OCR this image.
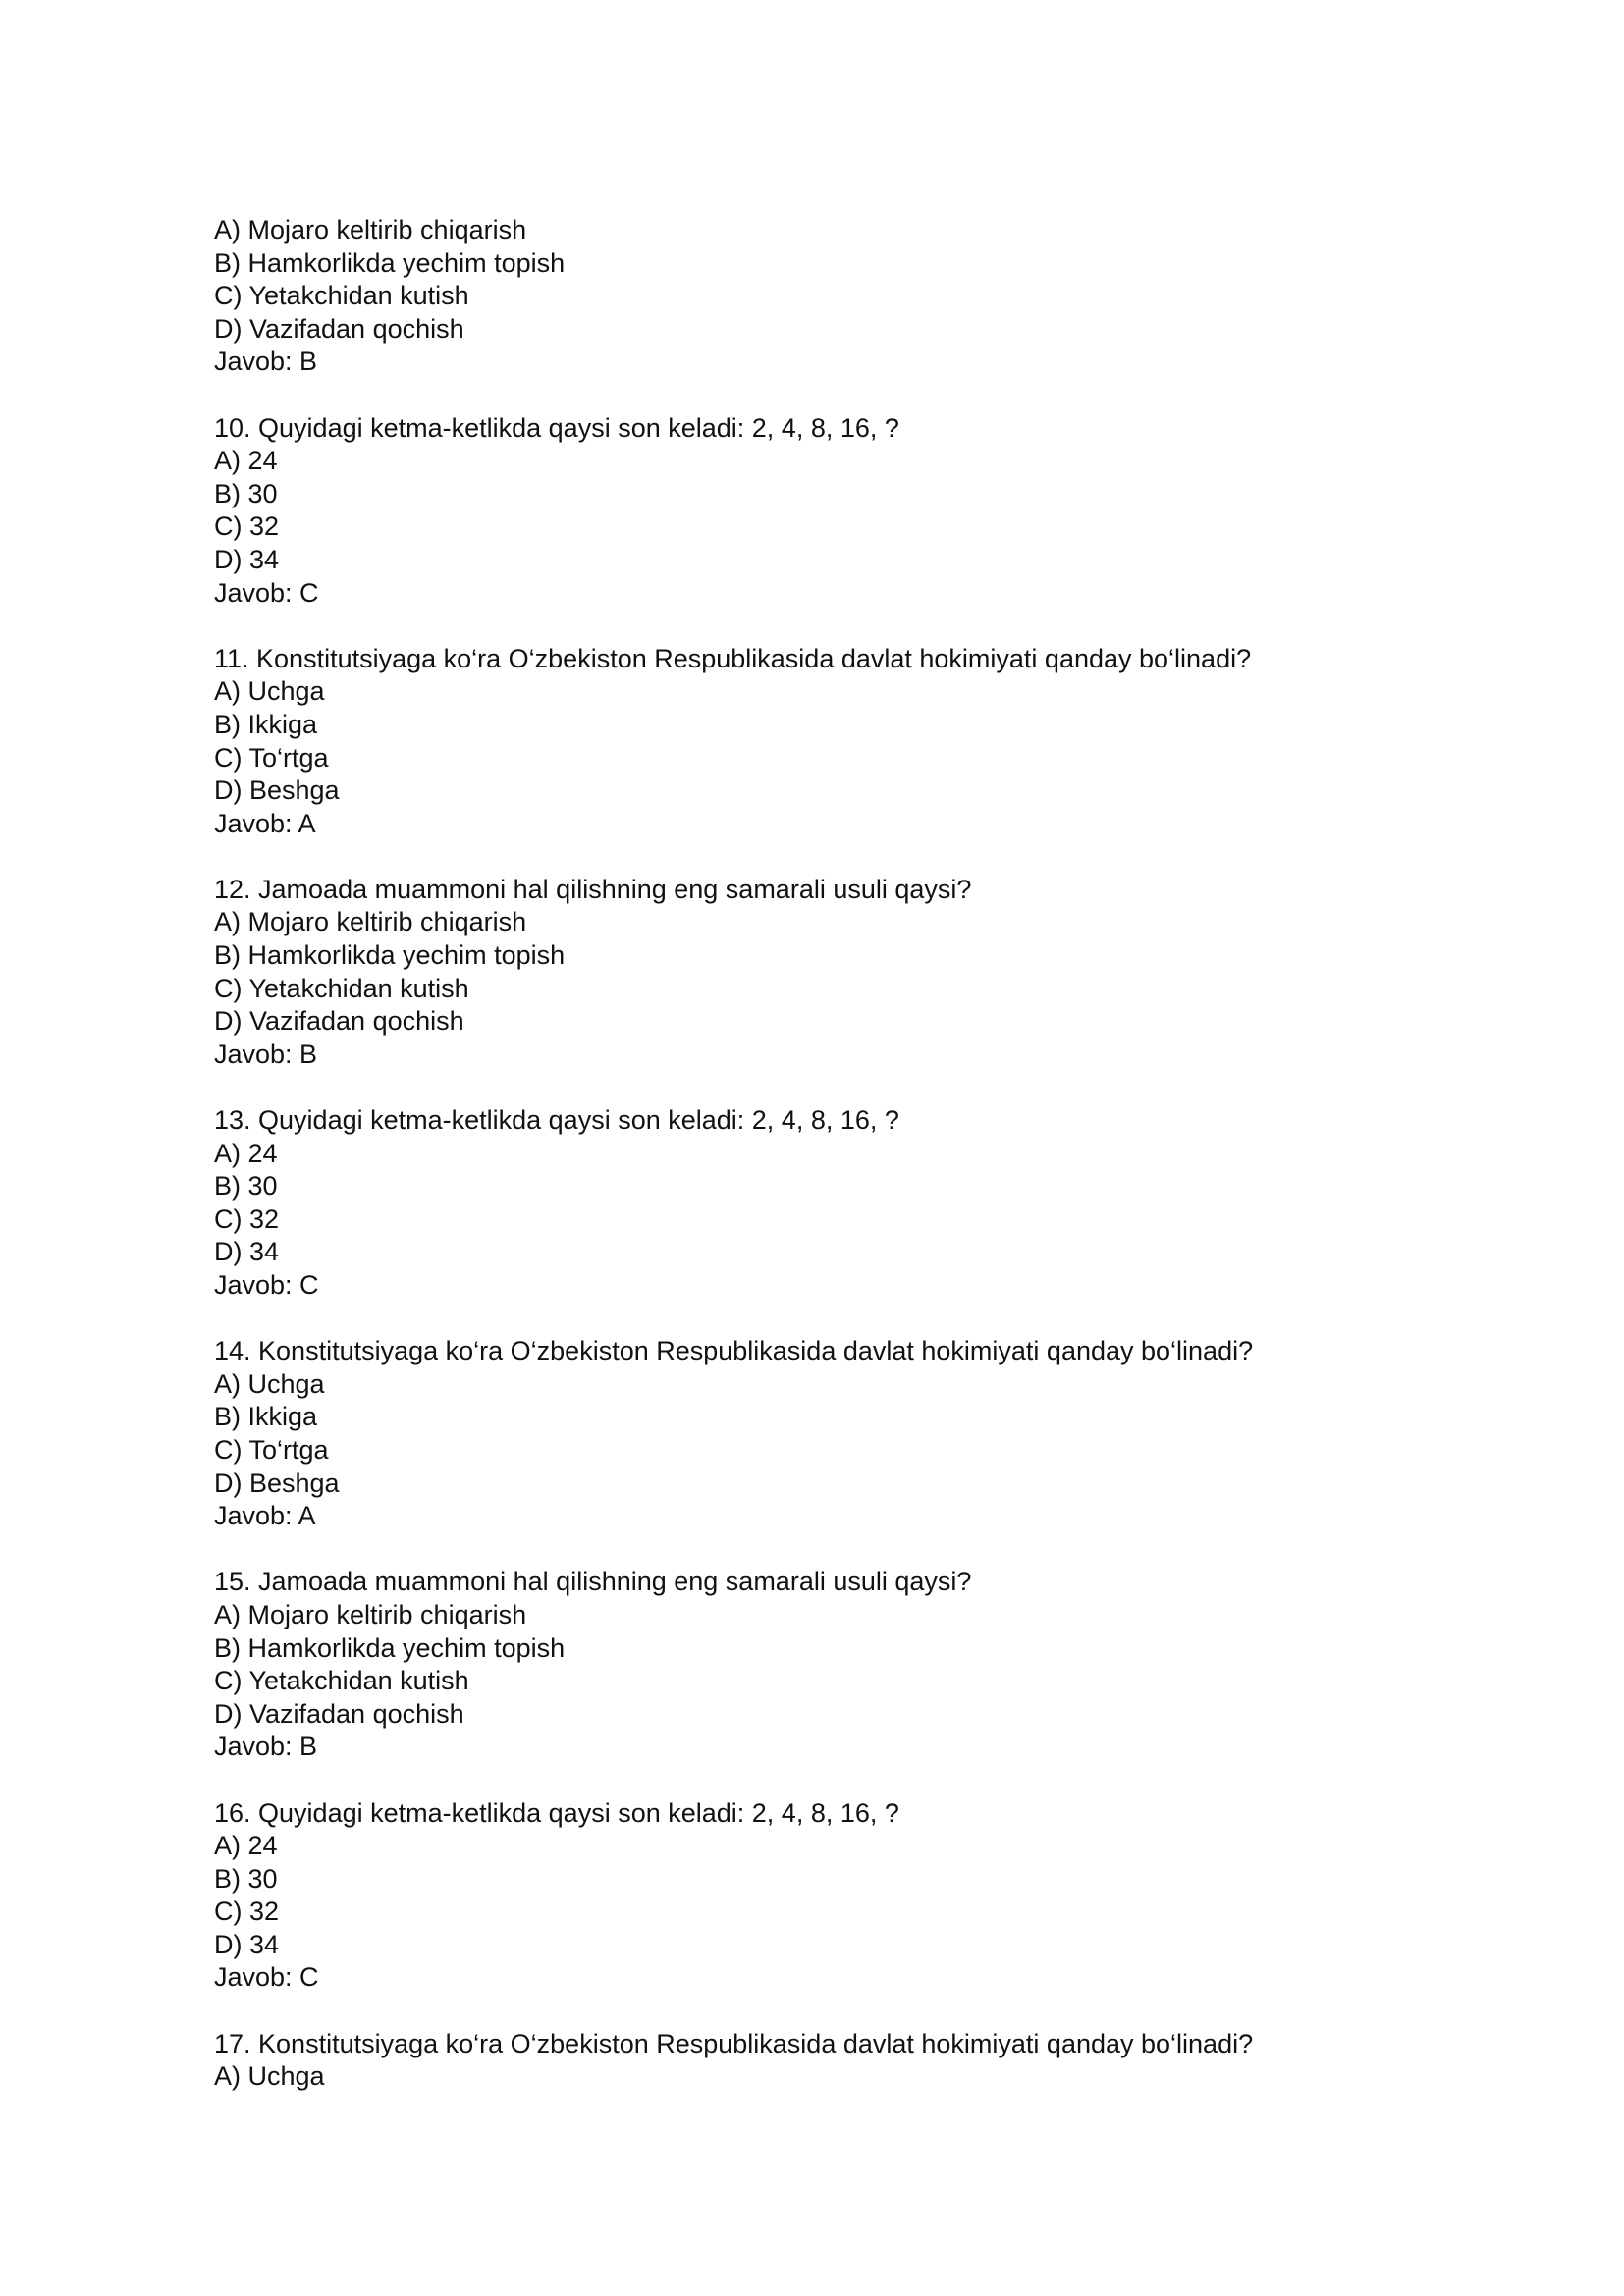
A) Mojaro keltirib chiqarish
B) Hamkorlikda yechim topish
C) Yetakchidan kutish
D) Vazifadan qochish
Javob: B
10. Quyidagi ketma-ketlikda qaysi son keladi: 2, 4, 8, 16, ?
A) 24
B) 30
C) 32
D) 34
Javob: C
11. Konstitutsiyaga ko‘ra O‘zbekiston Respublikasida davlat hokimiyati qanday bo‘linadi?
A) Uchga
B) Ikkiga
C) To‘rtga
D) Beshga
Javob: A
12. Jamoada muammoni hal qilishning eng samarali usuli qaysi?
A) Mojaro keltirib chiqarish
B) Hamkorlikda yechim topish
C) Yetakchidan kutish
D) Vazifadan qochish
Javob: B
13. Quyidagi ketma-ketlikda qaysi son keladi: 2, 4, 8, 16, ?
A) 24
B) 30
C) 32
D) 34
Javob: C
14. Konstitutsiyaga ko‘ra O‘zbekiston Respublikasida davlat hokimiyati qanday bo‘linadi?
A) Uchga
B) Ikkiga
C) To‘rtga
D) Beshga
Javob: A
15. Jamoada muammoni hal qilishning eng samarali usuli qaysi?
A) Mojaro keltirib chiqarish
B) Hamkorlikda yechim topish
C) Yetakchidan kutish
D) Vazifadan qochish
Javob: B
16. Quyidagi ketma-ketlikda qaysi son keladi: 2, 4, 8, 16, ?
A) 24
B) 30
C) 32
D) 34
Javob: C
17. Konstitutsiyaga ko‘ra O‘zbekiston Respublikasida davlat hokimiyati qanday bo‘linadi?
A) Uchga
